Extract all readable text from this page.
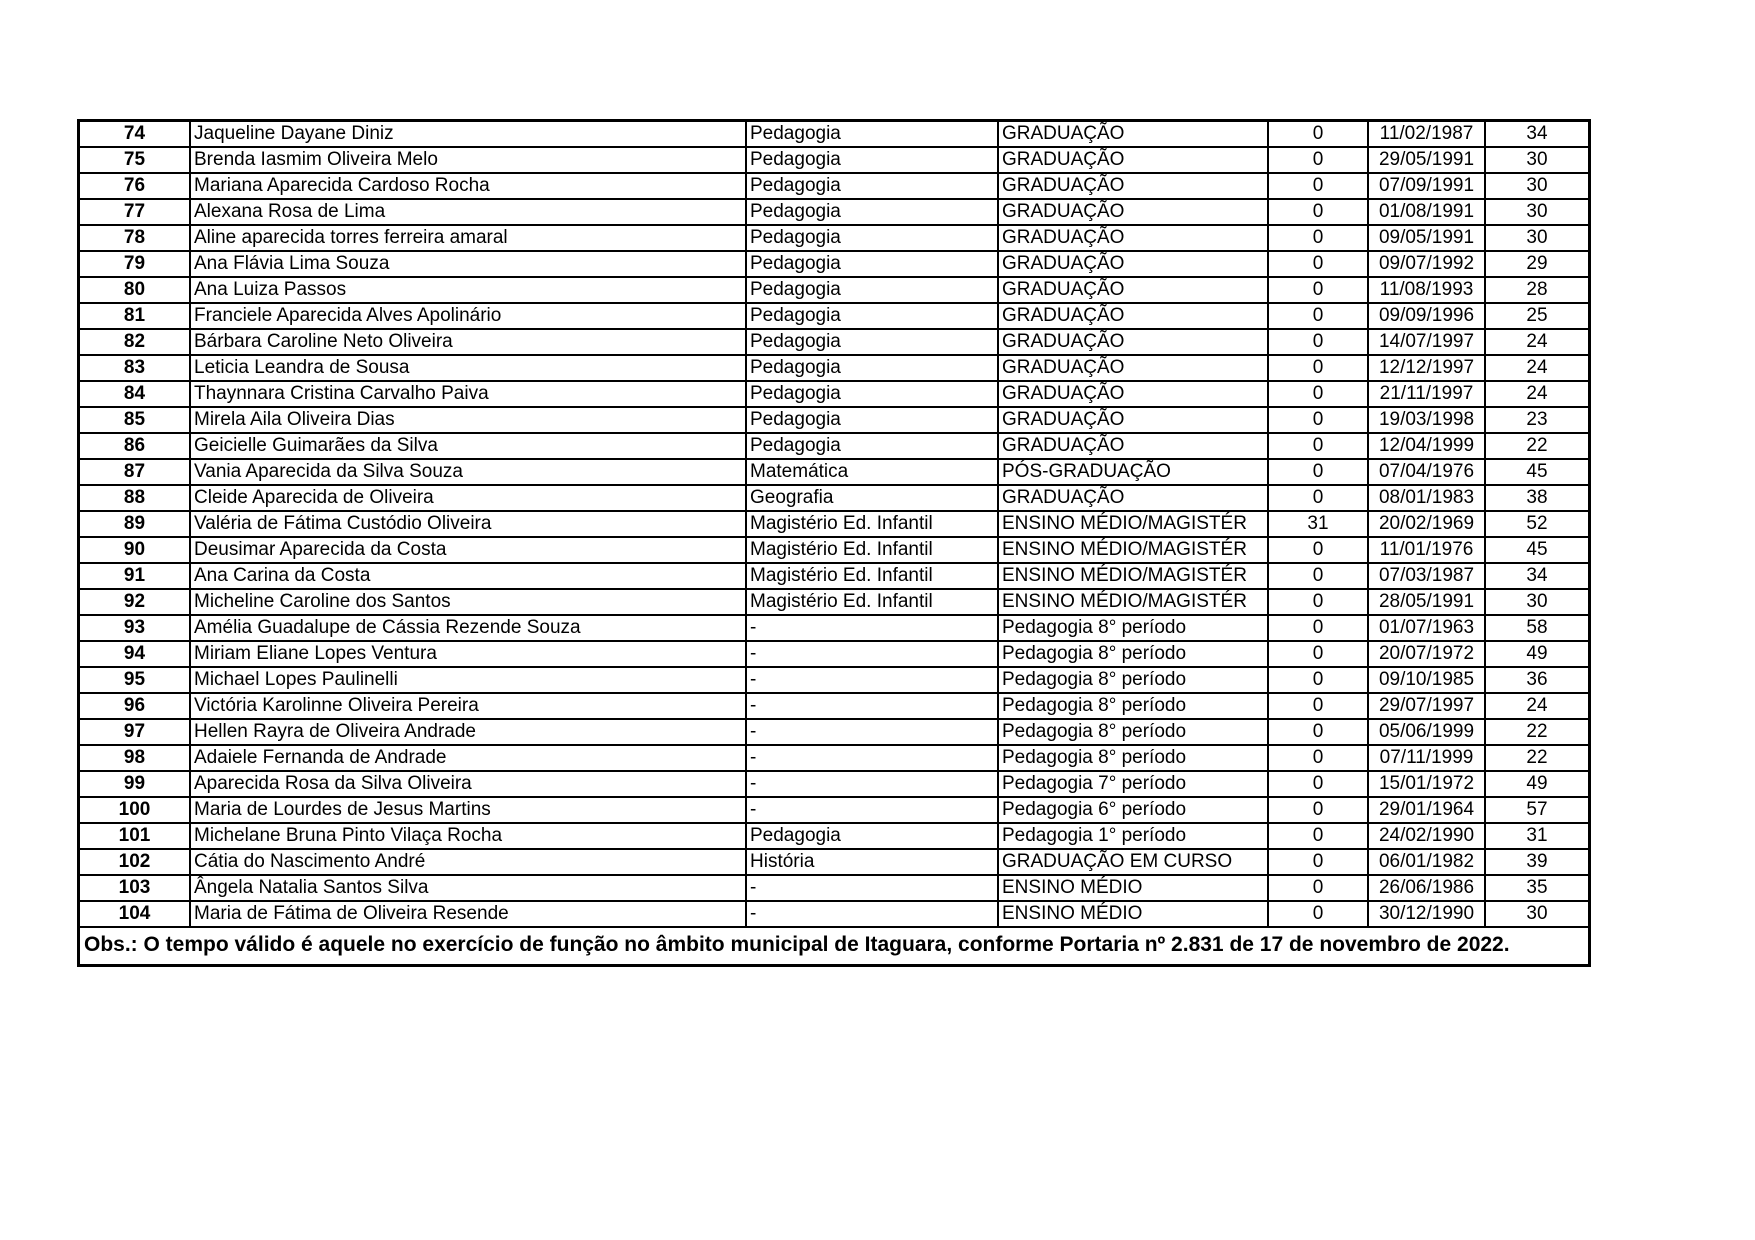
74	Jaqueline Dayane Diniz	Pedagogia	GRADUAÇÃO	0	11/02/1987	34
75	Brenda Iasmim Oliveira Melo	Pedagogia	GRADUAÇÃO	0	29/05/1991	30
76	Mariana Aparecida Cardoso Rocha	Pedagogia	GRADUAÇÃO	0	07/09/1991	30
77	Alexana Rosa de Lima	Pedagogia	GRADUAÇÃO	0	01/08/1991	30
78	Aline aparecida torres ferreira amaral	Pedagogia	GRADUAÇÃO	0	09/05/1991	30
79	Ana Flávia Lima Souza	Pedagogia	GRADUAÇÃO	0	09/07/1992	29
80	Ana Luiza Passos	Pedagogia	GRADUAÇÃO	0	11/08/1993	28
81	Franciele Aparecida Alves Apolinário	Pedagogia	GRADUAÇÃO	0	09/09/1996	25
82	Bárbara Caroline Neto Oliveira	Pedagogia	GRADUAÇÃO	0	14/07/1997	24
83	Leticia Leandra de Sousa	Pedagogia	GRADUAÇÃO	0	12/12/1997	24
84	Thaynnara Cristina Carvalho Paiva	Pedagogia	GRADUAÇÃO	0	21/11/1997	24
85	Mirela Aila Oliveira Dias	Pedagogia	GRADUAÇÃO	0	19/03/1998	23
86	Geicielle Guimarães da Silva	Pedagogia	GRADUAÇÃO	0	12/04/1999	22
87	Vania Aparecida da Silva Souza	Matemática	PÓS-GRADUAÇÃO	0	07/04/1976	45
88	Cleide Aparecida de Oliveira	Geografia	GRADUAÇÃO	0	08/01/1983	38
89	Valéria de Fátima Custódio Oliveira	Magistério Ed. Infantil	ENSINO MÉDIO/MAGISTÉR	31	20/02/1969	52
90	Deusimar Aparecida da Costa	Magistério Ed. Infantil	ENSINO MÉDIO/MAGISTÉR	0	11/01/1976	45
91	Ana Carina da Costa	Magistério Ed. Infantil	ENSINO MÉDIO/MAGISTÉR	0	07/03/1987	34
92	Micheline Caroline dos Santos	Magistério Ed. Infantil	ENSINO MÉDIO/MAGISTÉR	0	28/05/1991	30
93	Amélia Guadalupe de Cássia Rezende Souza	-	Pedagogia 8° período	0	01/07/1963	58
94	Miriam Eliane Lopes Ventura	-	Pedagogia 8° período	0	20/07/1972	49
95	Michael Lopes Paulinelli	-	Pedagogia 8° período	0	09/10/1985	36
96	Victória Karolinne Oliveira Pereira	-	Pedagogia 8° período	0	29/07/1997	24
97	Hellen Rayra de Oliveira Andrade	-	Pedagogia 8° período	0	05/06/1999	22
98	Adaiele Fernanda de Andrade	-	Pedagogia 8° período	0	07/11/1999	22
99	Aparecida Rosa da Silva Oliveira	-	Pedagogia 7° período	0	15/01/1972	49
100	Maria de Lourdes de Jesus Martins	-	Pedagogia 6° período	0	29/01/1964	57
101	Michelane Bruna Pinto Vilaça Rocha	Pedagogia	Pedagogia 1° período	0	24/02/1990	31
102	Cátia do Nascimento André	História	GRADUAÇÃO EM CURSO	0	06/01/1982	39
103	Ângela Natalia Santos Silva	-	ENSINO MÉDIO	0	26/06/1986	35
104	Maria de Fátima de Oliveira Resende	-	ENSINO MÉDIO	0	30/12/1990	30
Obs.: O tempo válido é aquele no exercício de função no âmbito municipal de Itaguara, conforme Portaria nº 2.831 de 17 de novembro de 2022.
